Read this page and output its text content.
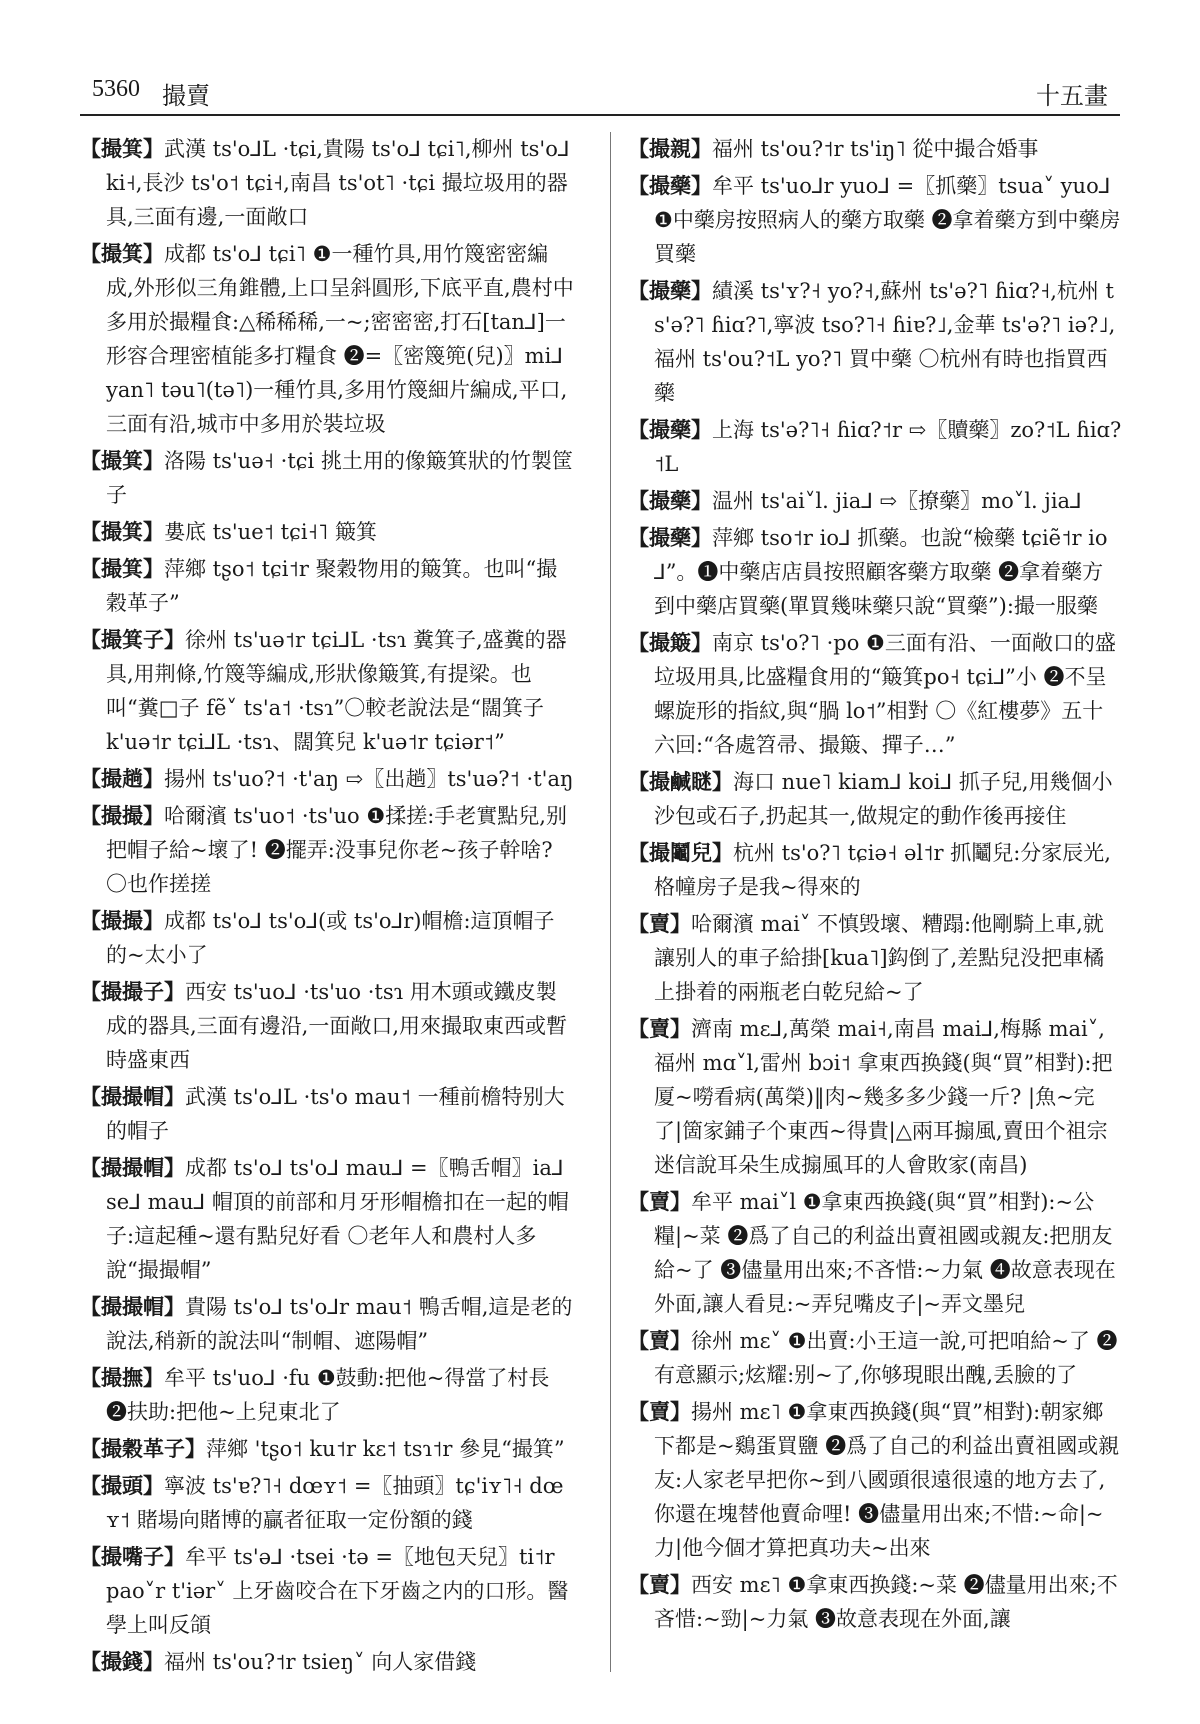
5360 撮賣	十五畫

【撮箕】武漢 ts'o⅃L ·tɕi,貴陽 ts'o⅃ tɕi˥,柳州 ts'o⅃ ki˧,長沙 ts'o˦ tɕi˧,南昌 ts'ot˥ ·tɕi 撮垃圾用的器具,三面有邊,一面敞口

【撮箕】成都 ts'o⅃ tɕi˥ ❶一種竹具,用竹篾密密編成,外形似三角錐體,上口呈斜圓形,下底平直,農村中多用於撮糧食:△稀稀稀,一~;密密密,打石[tan⅃]一形容合理密植能多打糧食 ❷=〖密篾篼(兒)〗mi⅃ yan˥ təu˥(tə˥)一種竹具,多用竹篾細片編成,平口,三面有沿,城市中多用於裝垃圾

【撮箕】洛陽 ts'uə˧ ·tɕi 挑土用的像簸箕狀的竹製筐子

【撮箕】婁底 ts'ue˦ tɕi˧˥ 簸箕

【撮箕】萍鄉 tʂo˦ tɕi˦r 聚穀物用的簸箕。也叫“撮穀革子”

【撮箕子】徐州 ts'uə˦r tɕi⅃L ·tsɿ 糞箕子,盛糞的器具,用荆條,竹篾等編成,形狀像簸箕,有提梁。也叫“糞□子 fẽ˅ ts'a˦ ·tsɿ”〇較老說法是“闊箕子k'uə˦r tɕi⅃L ·tsɿ、闊箕兒 k'uə˦r tɕiər˦”

【撮趟】揚州 ts'uo?˦ ·t'aŋ ⇨〖出趟〗ts'uə?˦ ·t'aŋ

【撮撮】哈爾濱 ts'uo˦ ·ts'uo ❶揉搓:手老實點兒,别把帽子給~壞了! ❷擺弄:没事兒你老~孩子幹啥? 〇也作搓搓

【撮撮】成都 ts'o⅃ ts'o⅃(或 ts'o⅃r)帽檐:這頂帽子的~太小了

【撮撮子】西安 ts'uo⅃ ·ts'uo ·tsɿ 用木頭或鐵皮製成的器具,三面有邊沿,一面敞口,用來撮取東西或暫時盛東西

【撮撮帽】武漢 ts'o⅃L ·ts'o mau˦ 一種前檐特别大的帽子

【撮撮帽】成都 ts'o⅃ ts'o⅃ mau⅃ =〖鴨舌帽〗ia⅃ se⅃ mau⅃ 帽頂的前部和月牙形帽檐扣在一起的帽子:這起種~還有點兒好看 〇老年人和農村人多說“撮撮帽”

【撮撮帽】貴陽 ts'o⅃ ts'o⅃r mau˦ 鴨舌帽,這是老的說法,稍新的說法叫“制帽、遮陽帽”

【撮撫】牟平 ts'uo⅃ ·fu ❶鼓動:把他~得當了村長 ❷扶助:把他~上兒東北了

【撮穀革子】萍鄉 'tʂo˦ ku˦r kɛ˦ tsɿ˦r 參見“撮箕”

【撮頭】寧波 ts'ɐ?˥˧ dœʏ˦ =〖抽頭〗tɕ'iʏ˥˧ dœʏ˦ 賭場向賭博的贏者征取一定份額的錢

【撮嘴子】牟平 ts'ə⅃ ·tsei ·tə =〖地包天兒〗ti˦r pao˅r t'iər˅ 上牙齒咬合在下牙齒之内的口形。醫學上叫反頜

【撮錢】福州 ts'ou?˦r tsieŋ˅ 向人家借錢

【撮親】福州 ts'ou?˦r ts'iŋ˥ 從中撮合婚事

【撮藥】牟平 ts'uo⅃r yuo⅃ =〖抓藥〗tsua˅ yuo⅃ ❶中藥房按照病人的藥方取藥 ❷拿着藥方到中藥房買藥

【撮藥】績溪 ts'ʏ?˧ yo?˧,蘇州 ts'ə?˥ ɦiɑ?˧,杭州 ts'ə?˥ ɦiɑ?˥,寧波 tso?˥˧ ɦiɐ?˩,金華 ts'ə?˥ iə?˩,福州 ts'ou?˦L yo?˥ 買中藥 〇杭州有時也指買西藥

【撮藥】上海 ts'ə?˥˧ ɦiɑ?˦r ⇨〖贖藥〗zo?˦L ɦiɑ?˦L

【撮藥】温州 ts'ai˅l. jia⅃ ⇨〖撩藥〗mo˅l. jia⅃

【撮藥】萍鄉 tso˦r io⅃ 抓藥。也說“檢藥 tɕiẽ˦r io⅃”。❶中藥店店員按照顧客藥方取藥 ❷拿着藥方到中藥店買藥(單買幾味藥只說“買藥”):撮一服藥

【撮簸】南京 ts'o?˥ ·po ❶三面有沿、一面敞口的盛垃圾用具,比盛糧食用的“簸箕po˧ tɕi⅃”小 ❷不呈螺旋形的指紋,與“腡 lo˦”相對 〇《紅樓夢》五十六回:“各處笤帚、撮簸、撣子…”

【撮鹹瞇】海口 nue˥ kiam⅃ koi⅃ 抓子兒,用幾個小沙包或石子,扔起其一,做規定的動作後再接住

【撮鬮兒】杭州 ts'o?˥ tɕiə˧ əl˦r 抓鬮兒:分家辰光,格幢房子是我~得來的

【賣】哈爾濱 mai˅ 不慎毁壞、糟蹋:他剛騎上車,就讓别人的車子給掛[kua˥]鈎倒了,差點兒没把車橘上掛着的兩瓶老白乾兒給~了

【賣】濟南 mɛ⅃,萬榮 mai˧,南昌 mai⅃,梅縣 mai˅,福州 mɑ˅l,雷州 bɔi˦ 拿東西换錢(與“買”相對):把厦~嘮看病(萬榮)‖肉~幾多多少錢一斤? |魚~完了|箇家鋪子个東西~得貴|△兩耳搧風,賣田个祖宗迷信說耳朵生成搧風耳的人會敗家(南昌)

【賣】牟平 mai˅l ❶拿東西换錢(與“買”相對):~公糧|~菜 ❷爲了自己的利益出賣祖國或親友:把朋友給~了 ❸儘量用出來;不吝惜:~力氣 ❹故意表现在外面,讓人看見:~弄兒嘴皮子|~弄文墨兒

【賣】徐州 mɛ˅ ❶出賣:小王這一說,可把咱給~了 ❷有意顯示;炫耀:别~了,你够現眼出醜,丢臉的了

【賣】揚州 mɛ˥ ❶拿東西换錢(與“買”相對):朝家鄉下都是~鷄蛋買鹽 ❷爲了自己的利益出賣祖國或親友:人家老早把你~到八國頭很遠很遠的地方去了,你還在塊替他賣命哩! ❸儘量用出來;不惜:~命|~力|他今個才算把真功夫~出來

【賣】西安 mɛ˥ ❶拿東西换錢:~菜 ❷儘量用出來;不吝惜:~勁|~力氣 ❸故意表现在外面,讓
